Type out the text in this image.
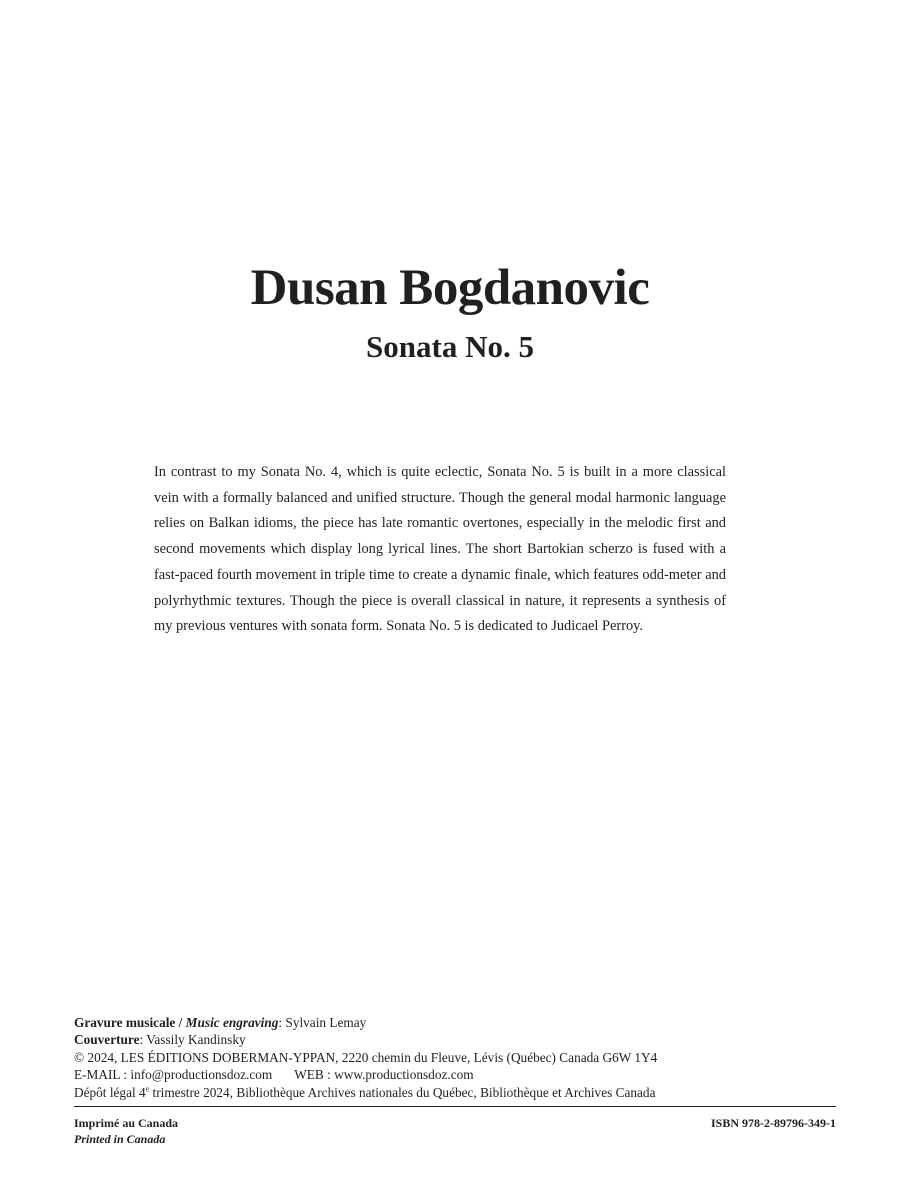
Dusan Bogdanovic
Sonata No. 5

In contrast to my Sonata No. 4, which is quite eclectic, Sonata No. 5 is built in a more classical vein with a formally balanced and unified structure. Though the general modal harmonic language relies on Balkan idioms, the piece has late romantic overtones, especially in the melodic first and second movements which display long lyrical lines. The short Bartokian scherzo is fused with a fast-paced fourth movement in triple time to create a dynamic finale, which features odd-meter and polyrhythmic textures. Though the piece is overall classical in nature, it represents a synthesis of my previous ventures with sonata form. Sonata No. 5 is dedicated to Judicael Perroy.

Gravure musicale / Music engraving: Sylvain Lemay
Couverture: Vassily Kandinsky
© 2024, LES ÉDITIONS DOBERMAN-YPPAN, 2220 chemin du Fleuve, Lévis (Québec) Canada G6W 1Y4
E-MAIL : info@productionsdoz.com WEB : www.productionsdoz.com
Dépôt légal 4e trimestre 2024, Bibliothèque Archives nationales du Québec, Bibliothèque et Archives Canada
Imprimé au Canada
Printed in Canada
ISBN 978-2-89796-349-1
